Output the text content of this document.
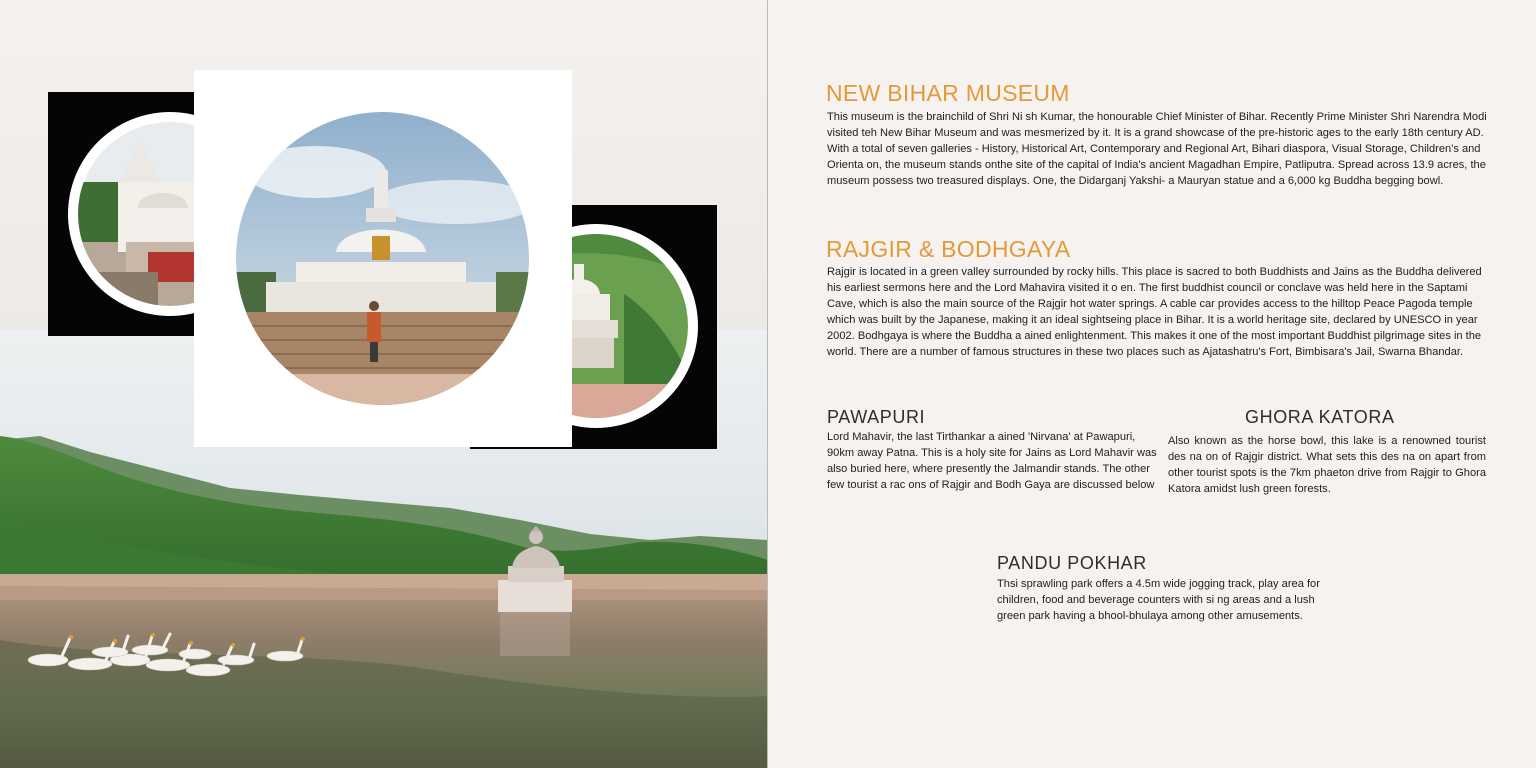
NEW BIHAR MUSEUM

This museum is the brainchild of Shri Ni sh Kumar, the honourable Chief Minister of Bihar. Recently Prime Minister Shri Narendra Modi visited teh New Bihar Museum and was mesmerized by it. It is a grand showcase of the pre-historic ages to the early 18th century AD. With a total of seven galleries - History, Historical Art, Contemporary and Regional Art, Bihari diaspora, Visual Storage, Children's and Orienta on, the museum stands onthe site of the capital of India's ancient Magadhan Empire, Patliputra. Spread across 13.9 acres, the museum possess two treasured displays. One, the Didarganj Yakshi- a Mauryan statue and a 6,000 kg Buddha begging bowl.

RAJGIR & BODHGAYA

Rajgir is located in a green valley surrounded by rocky hills. This place is sacred to both Buddhists and Jains as the Buddha delivered his earliest sermons here and the Lord Mahavira visited it o en. The first buddhist council or conclave was held here in the Saptami Cave, which is also the main source of the Rajgir hot water springs. A cable car provides access to the hilltop Peace Pagoda temple which was built by the Japanese, making it an ideal sightseing place in Bihar. It is a world heritage site, declared by UNESCO in year 2002. Bodhgaya is where the Buddha a ained enlightenment. This makes it one of the most important Buddhist pilgrimage sites in the world. There are a number of famous structures in these two places such as Ajatashatru's Fort, Bimbisara's Jail, Swarna Bhandar.

PAWAPURI

Lord Mahavir, the last Tirthankar a ained 'Nirvana' at Pawapuri, 90km away Patna. This is a holy site for Jains as Lord Mahavir was also buried here, where presently the Jalmandir stands. The other few tourist a rac ons of Rajgir and Bodh Gaya are discussed below

GHORA KATORA

Also known as the horse bowl, this lake is a renowned tourist des na on of Rajgir district. What sets this des na on apart from other tourist spots is the 7km phaeton drive from Rajgir to Ghora Katora amidst lush green forests.

PANDU POKHAR

Thsi sprawling park offers a 4.5m wide jogging track, play area for children, food and beverage counters with si ng areas and a lush green park having a bhool-bhulaya among other amusements.
